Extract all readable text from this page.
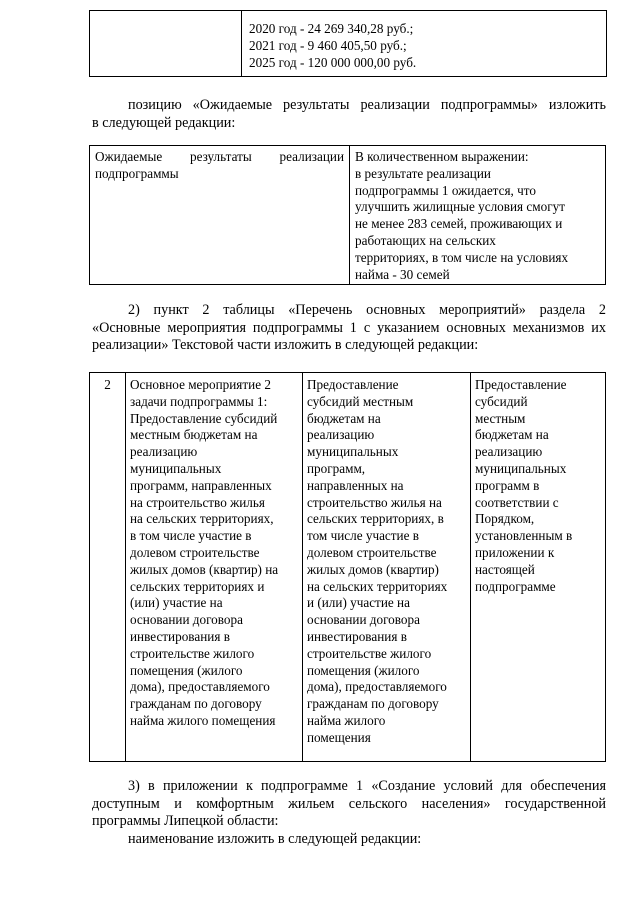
2020 год - 24 269 340,28 руб.;
2021 год - 9 460 405,50 руб.;
2025 год - 120 000 000,00 руб.
позицию «Ожидаемые результаты реализации подпрограммы» изложить
в следующей редакции:
Ожидаемые результаты реализации
подпрограммы
В количественном выражении:
в результате реализации
подпрограммы 1 ожидается, что
улучшить жилищные условия смогут
не менее 283 семей, проживающих и
работающих на сельских
территориях, в том числе на условиях
найма - 30 семей
2) пункт 2 таблицы «Перечень основных мероприятий» раздела 2
«Основные мероприятия подпрограммы 1 с указанием основных механизмов их
реализации» Текстовой части изложить в следующей редакции:
2	Основное мероприятие 2
задачи подпрограммы 1:
Предоставление субсидий
местным бюджетам на
реализацию
муниципальных
программ, направленных
на строительство жилья
на сельских территориях,
в том числе участие в
долевом строительстве
жилых домов (квартир) на
сельских территориях и
(или) участие на
основании договора
инвестирования в
строительстве жилого
помещения (жилого
дома), предоставляемого
гражданам по договору
найма жилого помещения
Предоставление
субсидий местным
бюджетам на
реализацию
муниципальных
программ,
направленных на
строительство жилья на
сельских территориях, в
том числе участие в
долевом строительстве
жилых домов (квартир)
на сельских территориях
и (или) участие на
основании договора
инвестирования в
строительстве жилого
помещения (жилого
дома), предоставляемого
гражданам по договору
найма жилого
помещения
Предоставление
субсидий
местным
бюджетам на
реализацию
муниципальных
программ в
соответствии с
Порядком,
установленным в
приложении к
настоящей
подпрограмме
3) в приложении к подпрограмме 1 «Создание условий для обеспечения
доступным и комфортным жильем сельского населения» государственной
программы Липецкой области:
наименование изложить в следующей редакции:
